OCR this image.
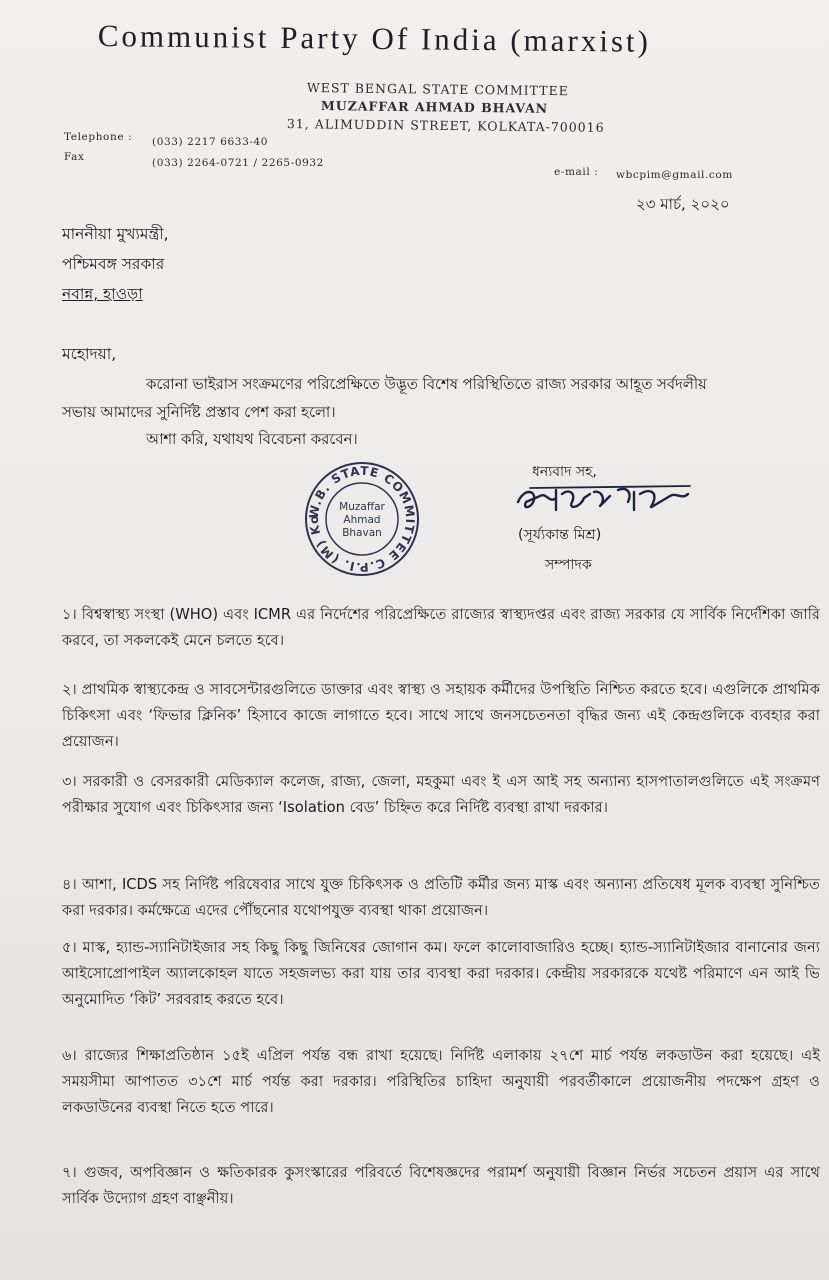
Communist Party Of India (marxist)
WEST BENGAL STATE COMMITTEE
MUZAFFAR AHMAD BHAVAN
31, ALIMUDDIN STREET, KOLKATA-700016
Telephone : (033) 2217 6633-40
Fax	(033) 2264-0721 / 2265-0932
e-mail : wbcpim@gmail.com
২৩ মার্চ, ২০২০
মাননীয়া মুখ্যমন্ত্রী,
পশ্চিমবঙ্গ সরকার
নবান্ন, হাওড়া
মহোদয়া,
করোনা ভাইরাস সংক্রমণের পরিপ্রেক্ষিতে উদ্ভূত বিশেষ পরিস্থিতিতে রাজ্য সরকার আহূত সর্বদলীয়
সভায় আমাদের সুনির্দিষ্ট প্রস্তাব পেশ করা হলো।
আশা করি, যথাযথ বিবেচনা করবেন।
W.B. STATE COMMITTEE C.P.I. (M) Ko
Muzaffar
Ahmad
Bhavan
ধন্যবাদ সহ,
(সূর্য্যকান্ত মিশ্র)
সম্পাদক
১। বিশ্বস্বাস্থ্য সংস্থা (WHO) এবং ICMR এর নির্দেশের পরিপ্রেক্ষিতে রাজ্যের স্বাস্থ্যদপ্তর এবং রাজ্য সরকার যে সার্বিক নির্দেশিকা জারি করবে, তা সকলকেই মেনে চলতে হবে।
২। প্রাথমিক স্বাস্থ্যকেন্দ্র ও সাবসেন্টারগুলিতে ডাক্তার এবং স্বাস্থ্য ও সহায়ক কর্মীদের উপস্থিতি নিশ্চিত করতে হবে। এগুলিকে প্রাথমিক চিকিৎসা এবং ‘ফিভার ক্লিনিক’ হিসাবে কাজে লাগাতে হবে। সাথে সাথে জনসচেতনতা বৃদ্ধির জন্য এই কেন্দ্রগুলিকে ব্যবহার করা প্রয়োজন।
৩। সরকারী ও বেসরকারী মেডিক্যাল কলেজ, রাজ্য, জেলা, মহকুমা এবং ই এস আই সহ অন্যান্য হাসপাতালগুলিতে এই সংক্রমণ পরীক্ষার সুযোগ এবং চিকিৎসার জন্য ‘Isolation বেড’ চিহ্নিত করে নির্দিষ্ট ব্যবস্থা রাখা দরকার।
৪। আশা, ICDS সহ নির্দিষ্ট পরিষেবার সাথে যুক্ত চিকিৎসক ও প্রতিটি কর্মীর জন্য মাস্ক এবং অন্যান্য প্রতিষেধ মূলক ব্যবস্থা সুনিশ্চিত করা দরকার। কর্মক্ষেত্রে এদের পৌঁছনোর যথোপযুক্ত ব্যবস্থা থাকা প্রয়োজন।
৫। মাস্ক, হ্যান্ড-স্যানিটাইজার সহ কিছু কিছু জিনিষের জোগান কম। ফলে কালোবাজারিও হচ্ছে। হ্যান্ড-স্যানিটাইজার বানানোর জন্য আইসোপ্রোপাইল অ্যালকোহল যাতে সহজলভ্য করা যায় তার ব্যবস্থা করা দরকার। কেন্দ্রীয় সরকারকে যথেষ্ট পরিমাণে এন আই ভি অনুমোদিত ‘কিট’ সরবরাহ করতে হবে।
৬। রাজ্যের শিক্ষাপ্রতিষ্ঠান ১৫ই এপ্রিল পর্যন্ত বন্ধ রাখা হয়েছে। নির্দিষ্ট এলাকায় ২৭শে মার্চ পর্যন্ত লকডাউন করা হয়েছে। এই সময়সীমা আপাতত ৩১শে মার্চ পর্যন্ত করা দরকার। পরিস্থিতির চাহিদা অনুযায়ী পরবর্তীকালে প্রয়োজনীয় পদক্ষেপ গ্রহণ ও লকডাউনের ব্যবস্থা নিতে হতে পারে।
৭। গুজব, অপবিজ্ঞান ও ক্ষতিকারক কুসংস্কারের পরিবর্তে বিশেষজ্ঞদের পরামর্শ অনুযায়ী বিজ্ঞান নির্ভর সচেতন প্রয়াস এর সাথে সার্বিক উদ্যোগ গ্রহণ বাঞ্ছনীয়।
